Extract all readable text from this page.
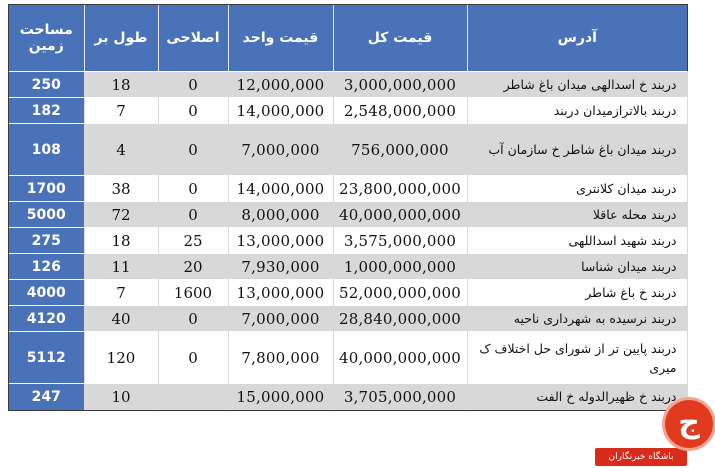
مساحت زمین	طول بر	اصلاحی	قیمت واحد	قیمت کل	آدرس
250	18	0	12,000,000	3,000,000,000	دربند خ اسدالهی میدان باغ شاطر
182	7	0	14,000,000	2,548,000,000	دربند بالاترازمیدان دربند
108	4	0	7,000,000	756,000,000	دربند میدان باغ شاطر خ سازمان آب
1700	38	0	14,000,000	23,800,000,000	دربند میدان کلانتری
5000	72	0	8,000,000	40,000,000,000	دربند محله عاقلا
275	18	25	13,000,000	3,575,000,000	دربند شهید اسداللهی
126	11	20	7,930,000	1,000,000,000	دربند میدان شناسا
4000	7	1600	13,000,000	52,000,000,000	دربند خ باغ شاطر
4120	40	0	7,000,000	28,840,000,000	دربند نرسیده به شهرداری ناحیه
5112	120	0	7,800,000	40,000,000,000	دربند پایین تر از شورای حل اختلاف ک میری
247	10		15,000,000	3,705,000,000	دربند خ ظهیرالدوله خ الفت
باشگاه خبرنگاران
ج
